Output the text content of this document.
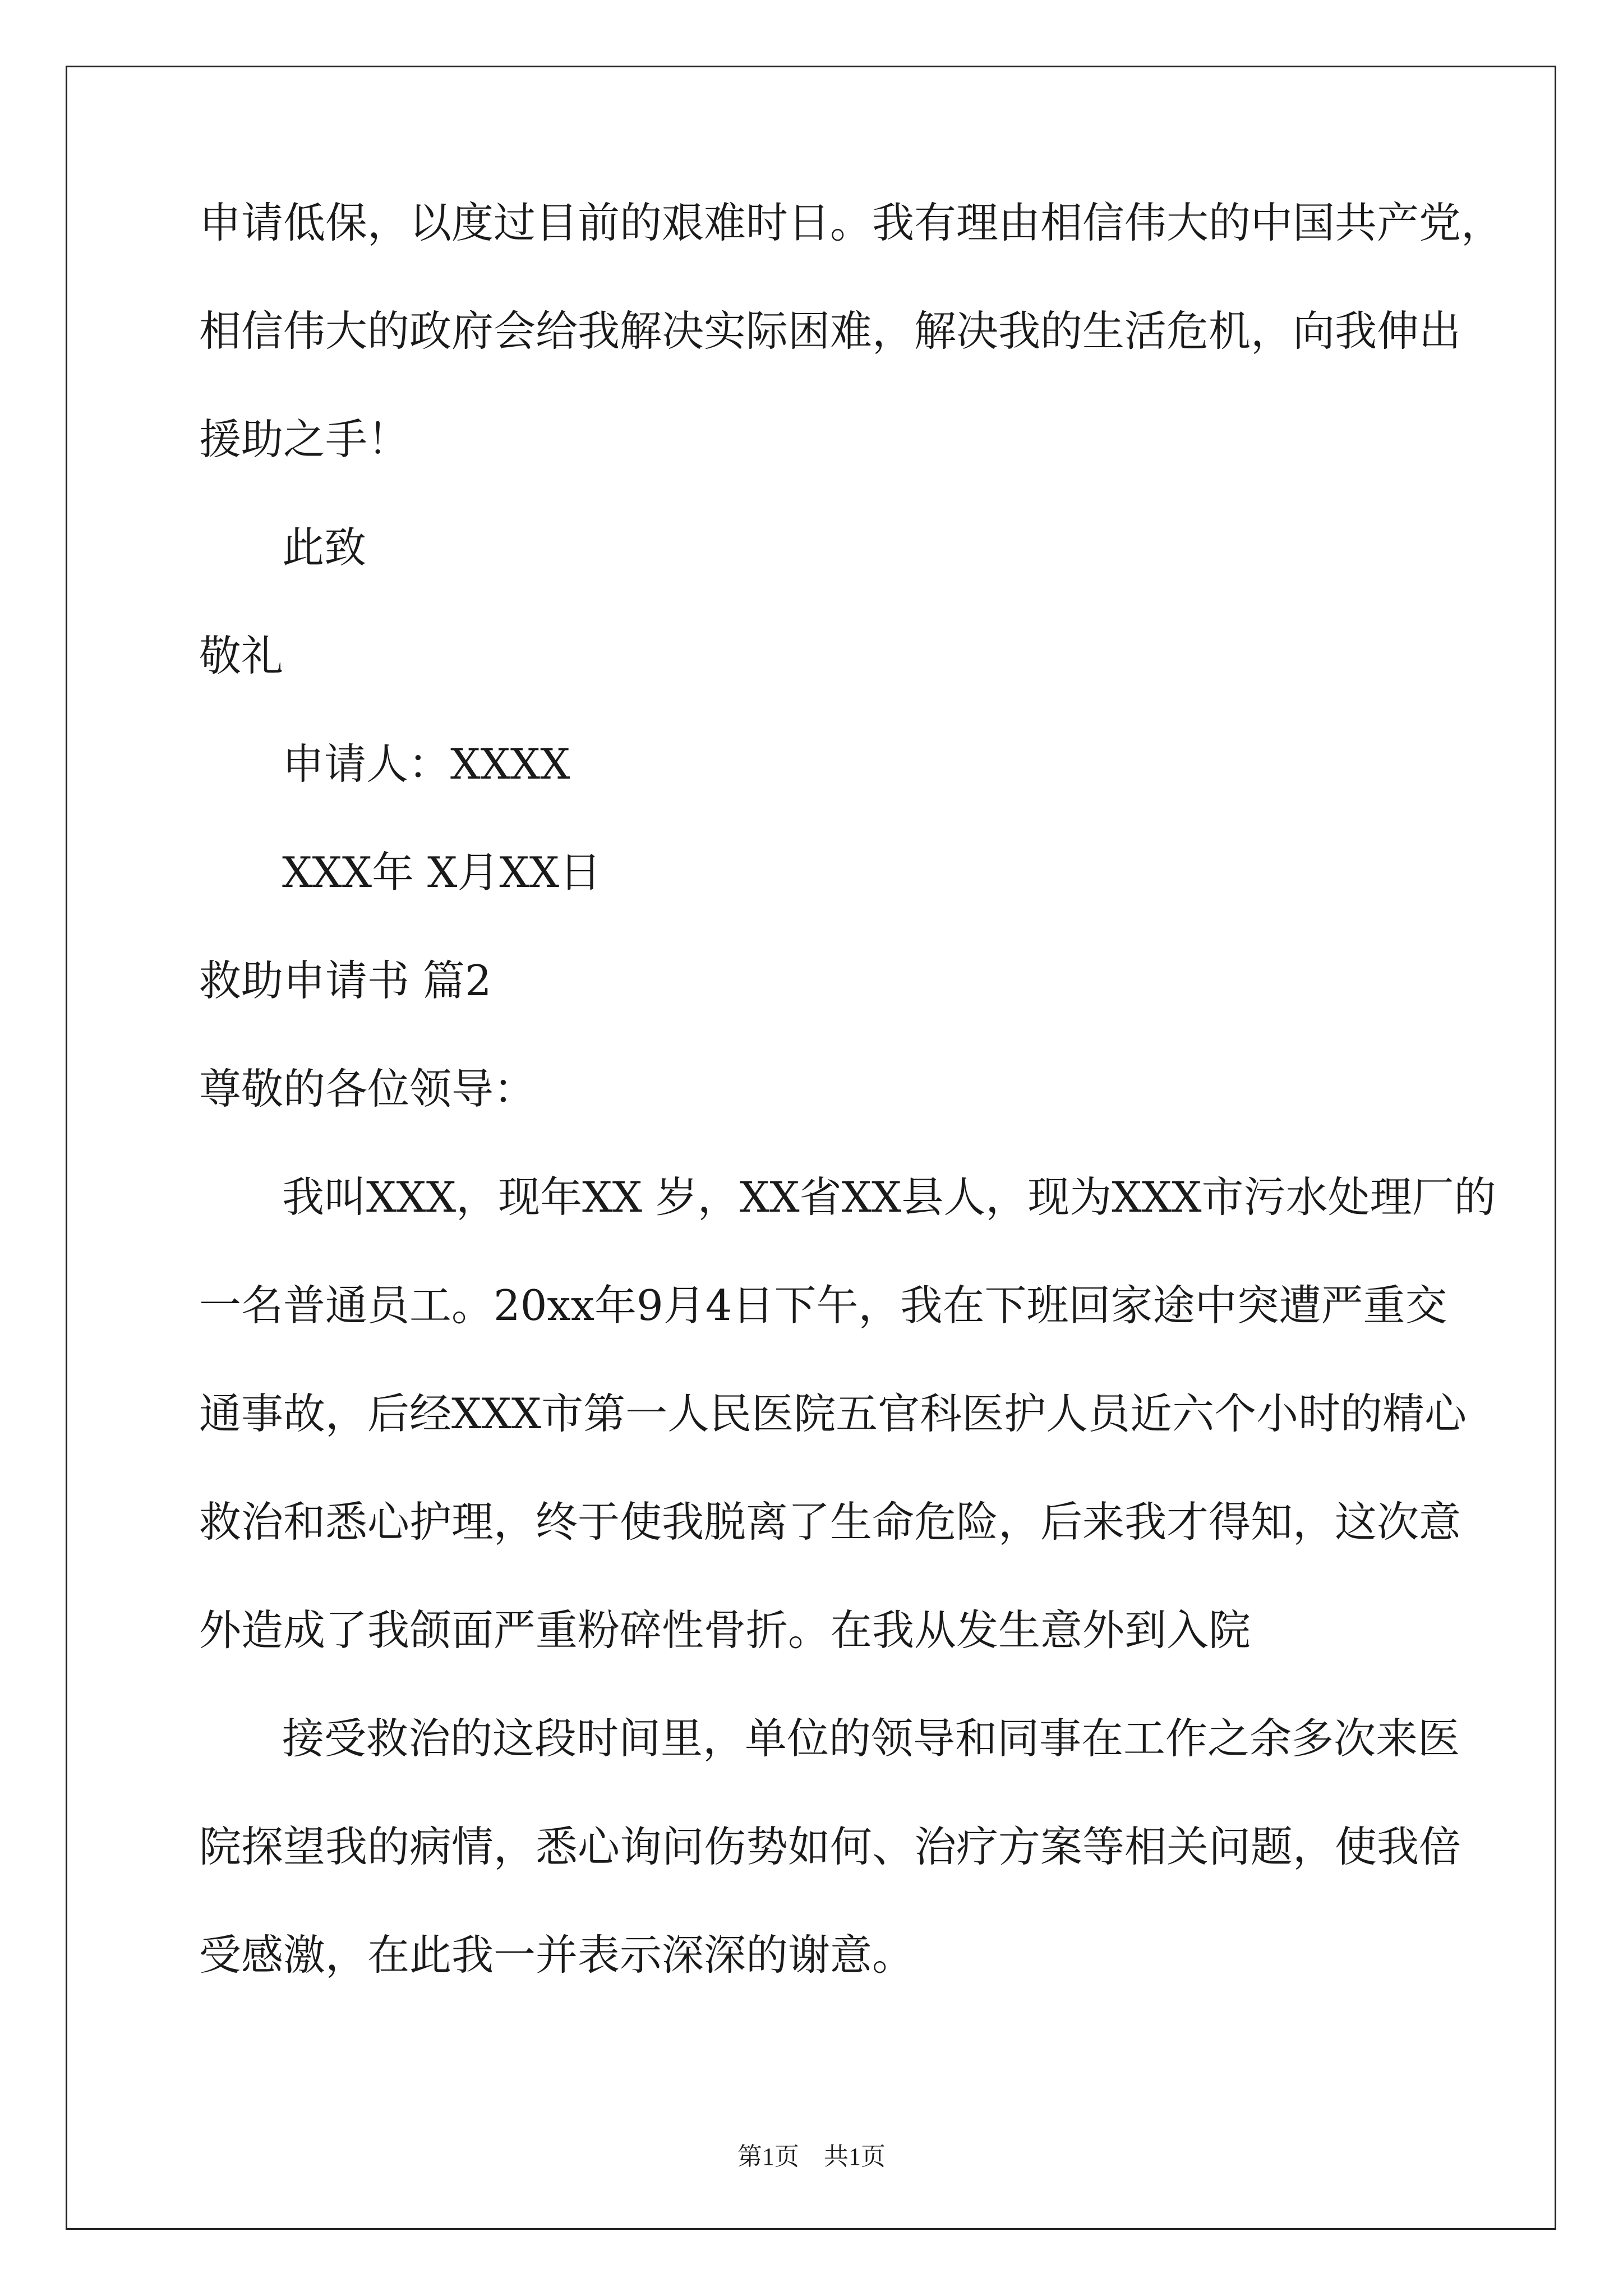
申请低保，以度过目前的艰难时日。我有理由相信伟大的中国共产党，
相信伟大的政府会给我解决实际困难，解决我的生活危机，向我伸出
援助之手！
此致
敬礼
申请人：XXXX
XXX年 X月XX日
救助申请书 篇2
尊敬的各位领导：
我叫XXX，现年XX 岁，XX省XX县人，现为XXX市污水处理厂的
一名普通员工。20xx年9月4日下午，我在下班回家途中突遭严重交
通事故，后经XXX市第一人民医院五官科医护人员近六个小时的精心
救治和悉心护理，终于使我脱离了生命危险，后来我才得知，这次意
外造成了我颌面严重粉碎性骨折。在我从发生意外到入院
接受救治的这段时间里，单位的领导和同事在工作之余多次来医
院探望我的病情，悉心询问伤势如何、治疗方案等相关问题，使我倍
受感激，在此我一并表示深深的谢意。
第1页　共1页
